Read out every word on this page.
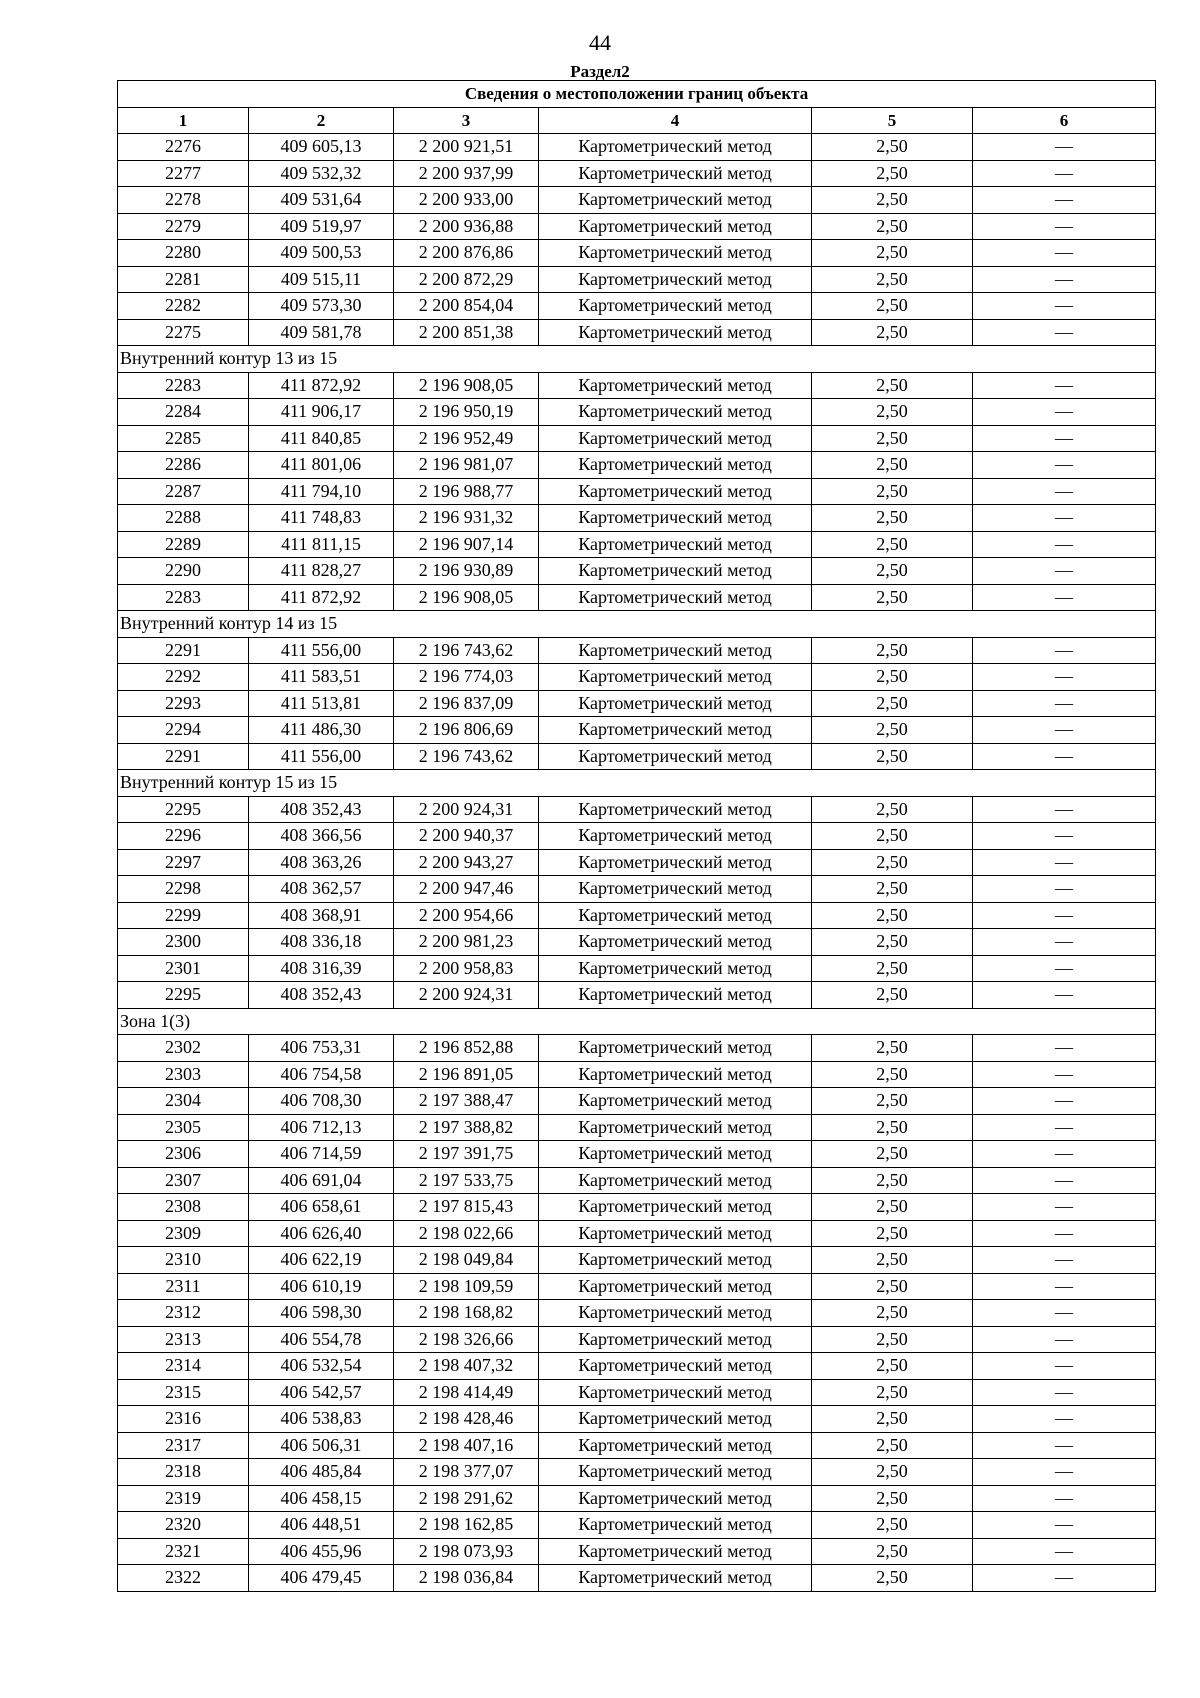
44
Раздел2
Сведения о местоположении границ объекта					
1	2	3	4	5	6
2276	409 605,13	2 200 921,51	Картометрический метод	2,50	—
2277	409 532,32	2 200 937,99	Картометрический метод	2,50	—
2278	409 531,64	2 200 933,00	Картометрический метод	2,50	—
2279	409 519,97	2 200 936,88	Картометрический метод	2,50	—
2280	409 500,53	2 200 876,86	Картометрический метод	2,50	—
2281	409 515,11	2 200 872,29	Картометрический метод	2,50	—
2282	409 573,30	2 200 854,04	Картометрический метод	2,50	—
2275	409 581,78	2 200 851,38	Картометрический метод	2,50	—
Внутренний контур 13 из 15					
2283	411 872,92	2 196 908,05	Картометрический метод	2,50	—
2284	411 906,17	2 196 950,19	Картометрический метод	2,50	—
2285	411 840,85	2 196 952,49	Картометрический метод	2,50	—
2286	411 801,06	2 196 981,07	Картометрический метод	2,50	—
2287	411 794,10	2 196 988,77	Картометрический метод	2,50	—
2288	411 748,83	2 196 931,32	Картометрический метод	2,50	—
2289	411 811,15	2 196 907,14	Картометрический метод	2,50	—
2290	411 828,27	2 196 930,89	Картометрический метод	2,50	—
2283	411 872,92	2 196 908,05	Картометрический метод	2,50	—
Внутренний контур 14 из 15					
2291	411 556,00	2 196 743,62	Картометрический метод	2,50	—
2292	411 583,51	2 196 774,03	Картометрический метод	2,50	—
2293	411 513,81	2 196 837,09	Картометрический метод	2,50	—
2294	411 486,30	2 196 806,69	Картометрический метод	2,50	—
2291	411 556,00	2 196 743,62	Картометрический метод	2,50	—
Внутренний контур 15 из 15					
2295	408 352,43	2 200 924,31	Картометрический метод	2,50	—
2296	408 366,56	2 200 940,37	Картометрический метод	2,50	—
2297	408 363,26	2 200 943,27	Картометрический метод	2,50	—
2298	408 362,57	2 200 947,46	Картометрический метод	2,50	—
2299	408 368,91	2 200 954,66	Картометрический метод	2,50	—
2300	408 336,18	2 200 981,23	Картометрический метод	2,50	—
2301	408 316,39	2 200 958,83	Картометрический метод	2,50	—
2295	408 352,43	2 200 924,31	Картометрический метод	2,50	—
Зона 1(3)					
2302	406 753,31	2 196 852,88	Картометрический метод	2,50	—
2303	406 754,58	2 196 891,05	Картометрический метод	2,50	—
2304	406 708,30	2 197 388,47	Картометрический метод	2,50	—
2305	406 712,13	2 197 388,82	Картометрический метод	2,50	—
2306	406 714,59	2 197 391,75	Картометрический метод	2,50	—
2307	406 691,04	2 197 533,75	Картометрический метод	2,50	—
2308	406 658,61	2 197 815,43	Картометрический метод	2,50	—
2309	406 626,40	2 198 022,66	Картометрический метод	2,50	—
2310	406 622,19	2 198 049,84	Картометрический метод	2,50	—
2311	406 610,19	2 198 109,59	Картометрический метод	2,50	—
2312	406 598,30	2 198 168,82	Картометрический метод	2,50	—
2313	406 554,78	2 198 326,66	Картометрический метод	2,50	—
2314	406 532,54	2 198 407,32	Картометрический метод	2,50	—
2315	406 542,57	2 198 414,49	Картометрический метод	2,50	—
2316	406 538,83	2 198 428,46	Картометрический метод	2,50	—
2317	406 506,31	2 198 407,16	Картометрический метод	2,50	—
2318	406 485,84	2 198 377,07	Картометрический метод	2,50	—
2319	406 458,15	2 198 291,62	Картометрический метод	2,50	—
2320	406 448,51	2 198 162,85	Картометрический метод	2,50	—
2321	406 455,96	2 198 073,93	Картометрический метод	2,50	—
2322	406 479,45	2 198 036,84	Картометрический метод	2,50	—
